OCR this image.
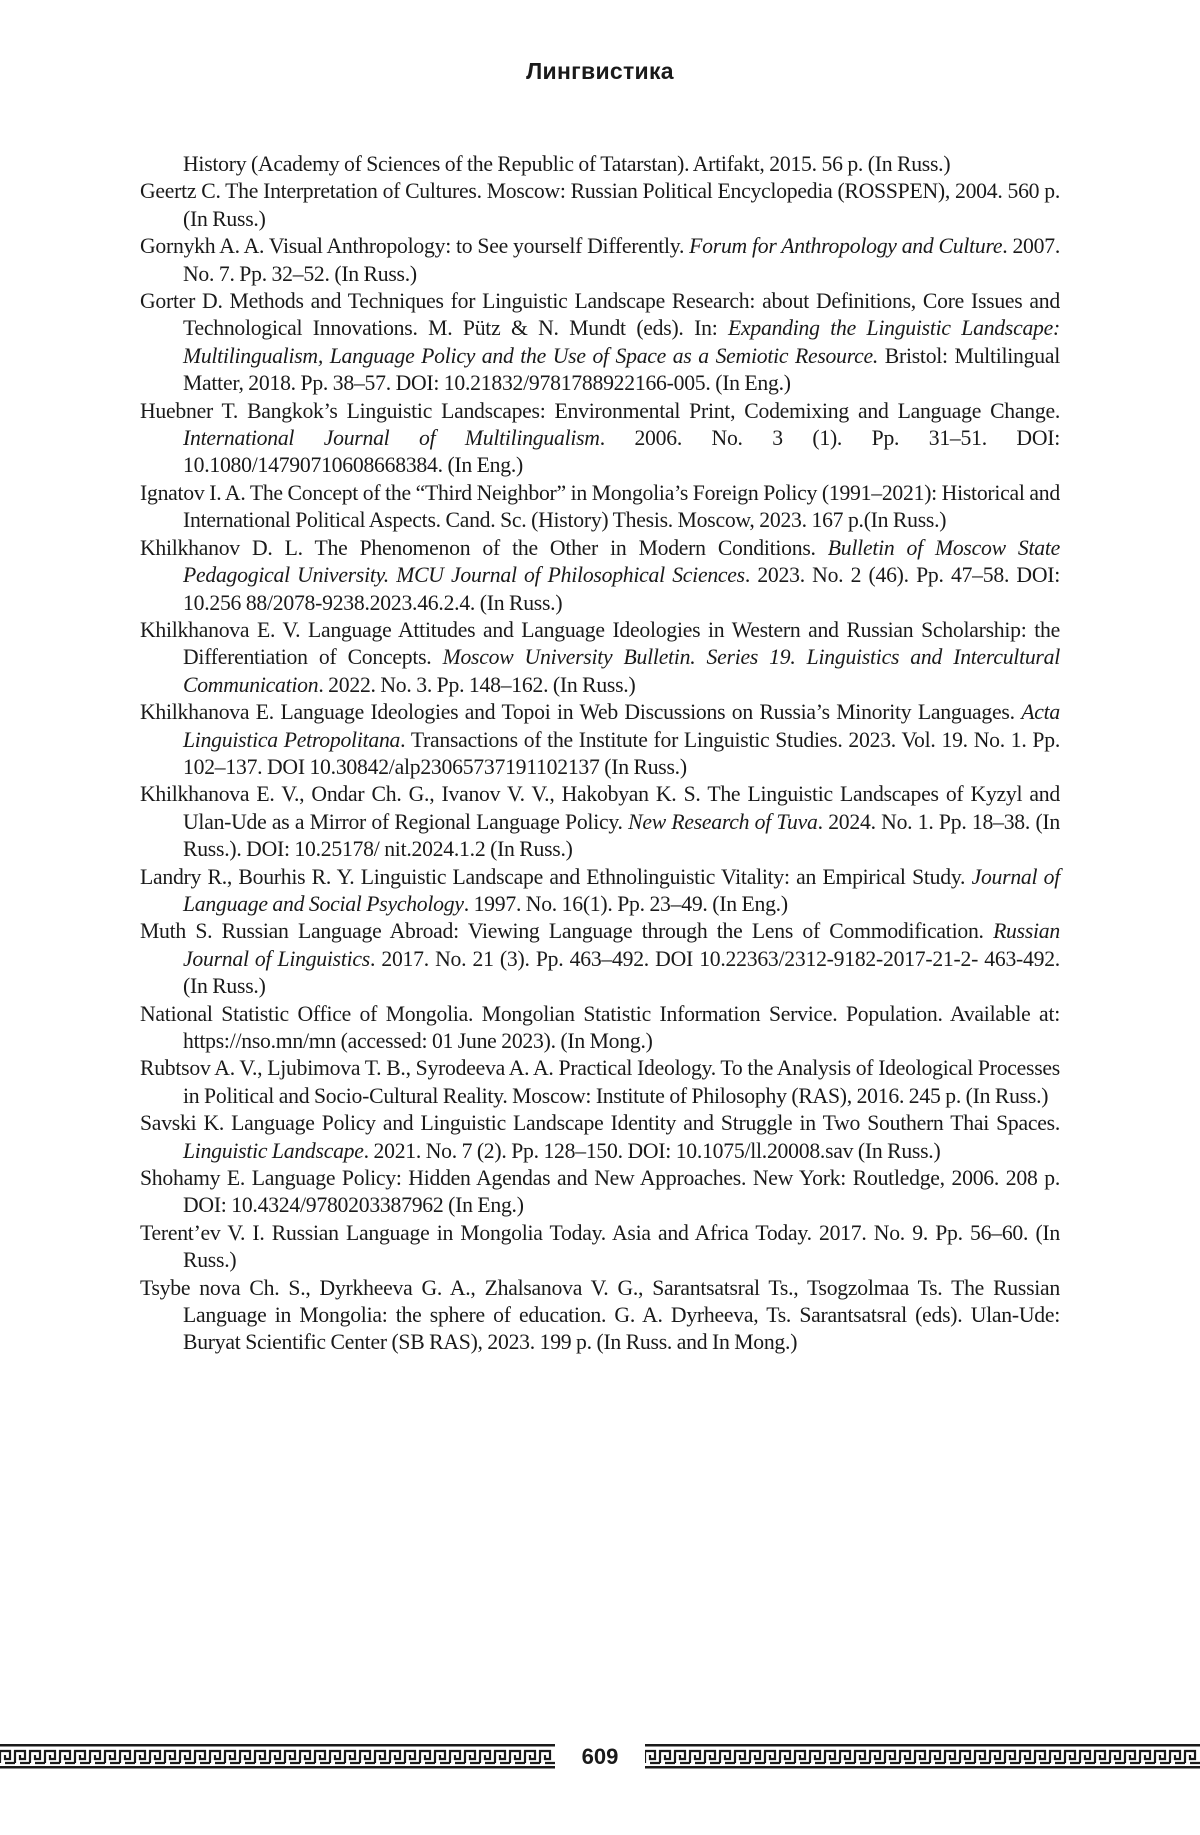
Лингвистика

History (Academy of Sciences of the Republic of Tatarstan). Artifakt, 2015. 56 p. (In Russ.)

Geertz C. The Interpretation of Cultures. Moscow: Russian Political Encyclopedia (ROSSPEN), 2004. 560 p. (In Russ.)

Gornykh A. A. Visual Anthropology: to See yourself Differently. Forum for Anthropology and Culture. 2007. No. 7. Pp. 32–52. (In Russ.)

Gorter D. Methods and Techniques for Linguistic Landscape Research: about Definitions, Core Issues and Technological Innovations. M. Pütz & N. Mundt (eds). In: Expanding the Linguistic Landscape: Multilingualism, Language Policy and the Use of Space as a Semiotic Resource. Bristol: Multilingual Matter, 2018. Pp. 38–57. DOI: 10.21832/9781788922166-005. (In Eng.)

Huebner T. Bangkok’s Linguistic Landscapes: Environmental Print, Codemixing and Language Change. International Journal of Multilingualism. 2006. No. 3 (1). Pp. 31–51. DOI: 10.1080/14790710608668384. (In Eng.)

Ignatov I. A. The Concept of the “Third Neighbor” in Mongolia’s Foreign Policy (1991–2021): Historical and International Political Aspects. Cand. Sc. (History) Thesis. Moscow, 2023. 167 p.(In Russ.)

Khilkhanov D. L. The Phenomenon of the Other in Modern Conditions. Bulletin of Moscow State Pedagogical University. MCU Journal of Philosophical Sciences. 2023. No. 2 (46). Pp. 47–58. DOI: 10.256 88/2078-9238.2023.46.2.4. (In Russ.)

Khilkhanova E. V. Language Attitudes and Language Ideologies in Western and Russian Scholarship: the Differentiation of Concepts. Moscow University Bulletin. Series 19. Linguistics and Intercultural Communication. 2022. No. 3. Pp. 148–162. (In Russ.)

Khilkhanova E. Language Ideologies and Topoi in Web Discussions on Russia’s Minority Languages. Acta Linguistica Petropolitana. Transactions of the Institute for Linguistic Studies. 2023. Vol. 19. No. 1. Pp. 102–137. DOI 10.30842/alp23065737191102137 (In Russ.)

Khilkhanova E. V., Ondar Ch. G., Ivanov V. V., Hakobyan K. S. The Linguistic Landscapes of Kyzyl and Ulan-Ude as a Mirror of Regional Language Policy. New Research of Tuva. 2024. No. 1. Pp. 18–38. (In Russ.). DOI: 10.25178/ nit.2024.1.2 (In Russ.)

Landry R., Bourhis R. Y. Linguistic Landscape and Ethnolinguistic Vitality: an Empirical Study. Journal of Language and Social Psychology. 1997. No. 16(1). Pp. 23–49. (In Eng.)

Muth S. Russian Language Abroad: Viewing Language through the Lens of Commodification. Russian Journal of Linguistics. 2017. No. 21 (3). Pp. 463–492. DOI 10.22363/2312-9182-2017-21-2- 463-492. (In Russ.)

National Statistic Office of Mongolia. Mongolian Statistic Information Service. Population. Available at: https://nso.mn/mn (accessed: 01 June 2023). (In Mong.)

Rubtsov A. V., Ljubimova T. B., Syrodeeva A. A. Practical Ideology. To the Analysis of Ideological Processes in Political and Socio-Cultural Reality. Moscow: Institute of Philosophy (RAS), 2016. 245 p. (In Russ.)

Savski K. Language Policy and Linguistic Landscape Identity and Struggle in Two Southern Thai Spaces. Linguistic Landscape. 2021. No. 7 (2). Pp. 128–150. DOI: 10.1075/ll.20008.sav (In Russ.)

Shohamy E. Language Policy: Hidden Agendas and New Approaches. New York: Routledge, 2006. 208 p. DOI: 10.4324/9780203387962 (In Eng.)

Terent’ev V. I. Russian Language in Mongolia Today. Asia and Africa Today. 2017. No. 9. Pp. 56–60. (In Russ.)

Tsybe nova Ch. S., Dyrkheeva G. A., Zhalsanova V. G., Sarantsatsral Ts., Tsogzolmaa Ts. The Russian Language in Mongolia: the sphere of education. G. A. Dyrheeva, Ts. Sarantsatsral (eds). Ulan-Ude: Buryat Scientific Center (SB RAS), 2023. 199 p. (In Russ. and In Mong.)

609
